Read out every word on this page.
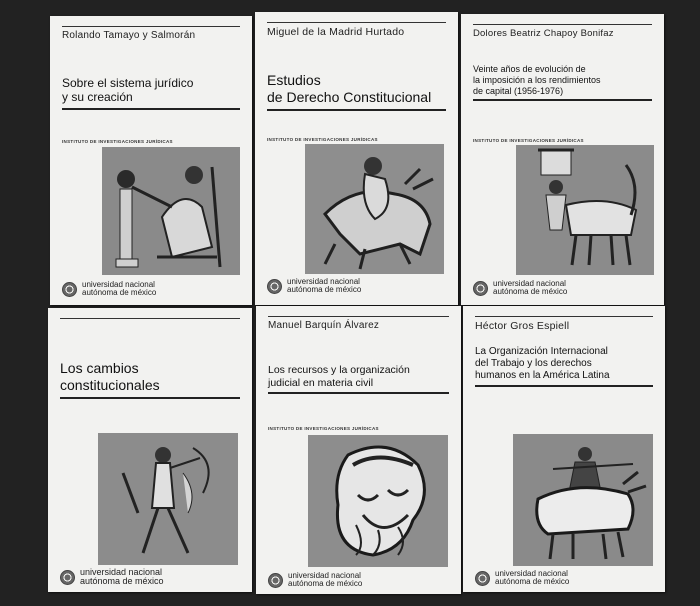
Rolando Tamayo y Salmorán
Sobre el sistema jurídico
y su creación
INSTITUTO DE INVESTIGACIONES JURÍDICAS
universidad nacional
autónoma de méxico
Miguel de la Madrid Hurtado
Estudios
de Derecho Constitucional
INSTITUTO DE INVESTIGACIONES JURÍDICAS
universidad nacional
autónoma de méxico
Dolores Beatriz Chapoy Bonifaz
Veinte años de evolución de
la imposición a los rendimientos
de capital (1956-1976)
INSTITUTO DE INVESTIGACIONES JURÍDICAS
universidad nacional
autónoma de méxico
Los cambios
constitucionales
universidad nacional
autónoma de méxico
Manuel Barquín Álvarez
Los recursos y la organización
judicial en materia civil
INSTITUTO DE INVESTIGACIONES JURÍDICAS
universidad nacional
autónoma de méxico
Héctor Gros Espiell
La Organización Internacional
del Trabajo y los derechos
humanos en la América Latina
universidad nacional
autónoma de méxico
